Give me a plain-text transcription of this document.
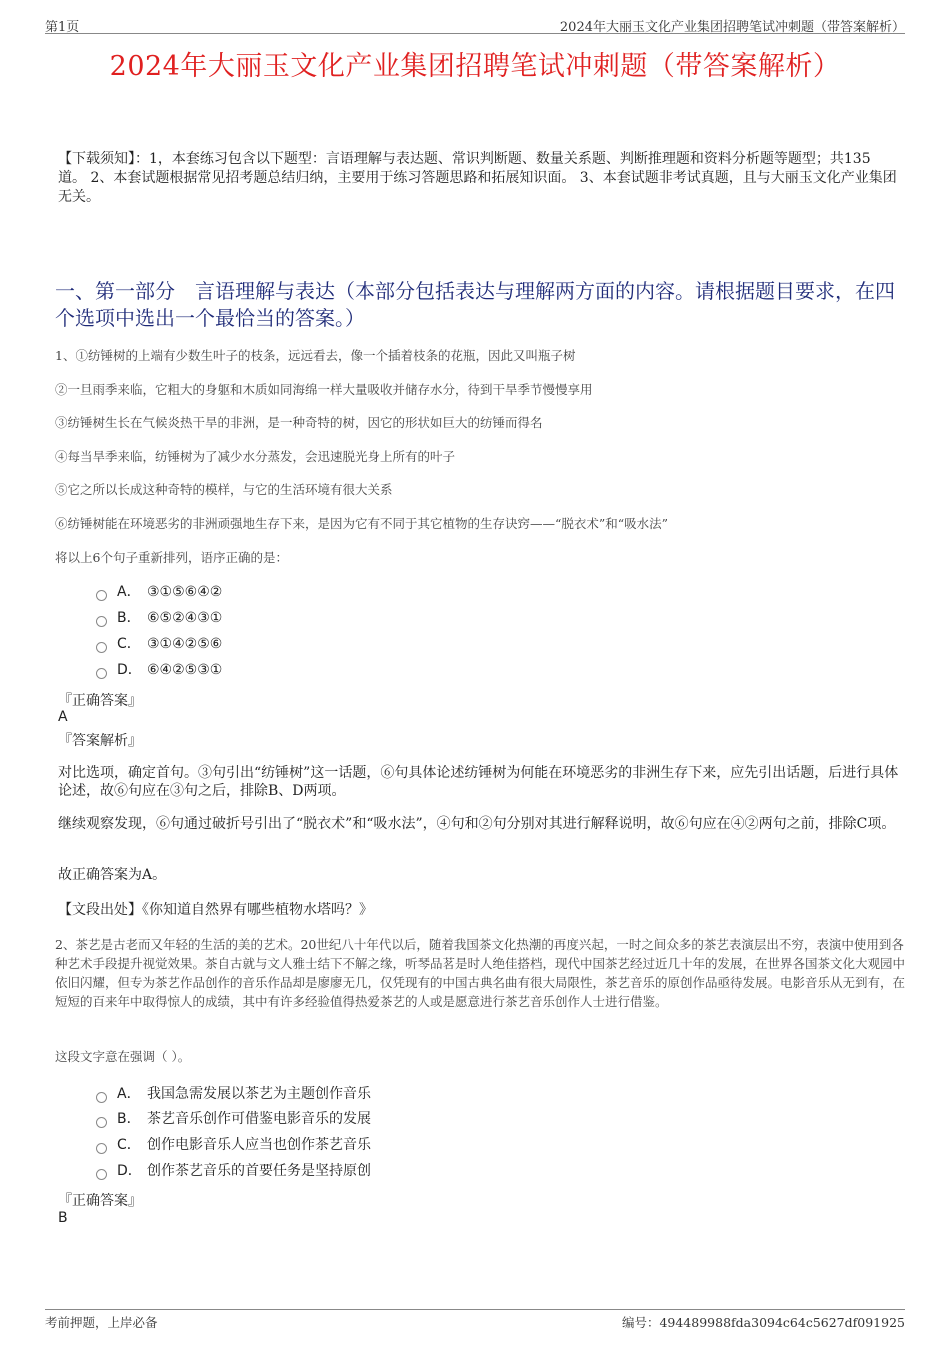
第1页	2024年大丽玉文化产业集团招聘笔试冲刺题（带答案解析）
2024年大丽玉文化产业集团招聘笔试冲刺题（带答案解析）
【下载须知】：1，本套练习包含以下题型：言语理解与表达题、常识判断题、数量关系题、判断推理题和资料分析题等题型；共135道。 2、本套试题根据常见招考题总结归纳，主要用于练习答题思路和拓展知识面。 3、本套试题非考试真题，且与大丽玉文化产业集团无关。
一、第一部分　言语理解与表达（本部分包括表达与理解两方面的内容。请根据题目要求，在四个选项中选出一个最恰当的答案。）
1、①纺锤树的上端有少数生叶子的枝条，远远看去，像一个插着枝条的花瓶，因此又叫瓶子树
②一旦雨季来临，它粗大的身躯和木质如同海绵一样大量吸收并储存水分，待到干旱季节慢慢享用
③纺锤树生长在气候炎热干旱的非洲，是一种奇特的树，因它的形状如巨大的纺锤而得名
④每当旱季来临，纺锤树为了减少水分蒸发，会迅速脱光身上所有的叶子
⑤它之所以长成这种奇特的模样，与它的生活环境有很大关系
⑥纺锤树能在环境恶劣的非洲顽强地生存下来，是因为它有不同于其它植物的生存诀窍——“脱衣术”和“吸水法”
将以上6个句子重新排列，语序正确的是：
A． ③①⑤⑥④②
B． ⑥⑤②④③①
C． ③①④②⑤⑥
D． ⑥④②⑤③①
『正确答案』
A
『答案解析』
对比选项，确定首句。③句引出“纺锤树”这一话题，⑥句具体论述纺锤树为何能在环境恶劣的非洲生存下来，应先引出话题，后进行具体论述，故⑥句应在③句之后，排除B、D两项。
继续观察发现，⑥句通过破折号引出了“脱衣术”和“吸水法”，④句和②句分别对其进行解释说明，故⑥句应在④②两句之前，排除C项。
故正确答案为A。
【文段出处】《你知道自然界有哪些植物水塔吗？》
2、茶艺是古老而又年轻的生活的美的艺术。20世纪八十年代以后，随着我国茶文化热潮的再度兴起，一时之间众多的茶艺表演层出不穷，表演中使用到各种艺术手段提升视觉效果。茶自古就与文人雅士结下不解之缘，听琴品茗是时人绝佳搭档，现代中国茶艺经过近几十年的发展，在世界各国茶文化大观园中依旧闪耀，但专为茶艺作品创作的音乐作品却是廖廖无几，仅凭现有的中国古典名曲有很大局限性，茶艺音乐的原创作品亟待发展。电影音乐从无到有，在短短的百来年中取得惊人的成绩，其中有许多经验值得热爱茶艺的人或是愿意进行茶艺音乐创作人士进行借鉴。
这段文字意在强调（ ）。
A． 我国急需发展以茶艺为主题创作音乐
B． 茶艺音乐创作可借鉴电影音乐的发展
C． 创作电影音乐人应当也创作茶艺音乐
D． 创作茶艺音乐的首要任务是坚持原创
『正确答案』
B
考前押题，上岸必备	编号：494489988fda3094c64c5627df091925
